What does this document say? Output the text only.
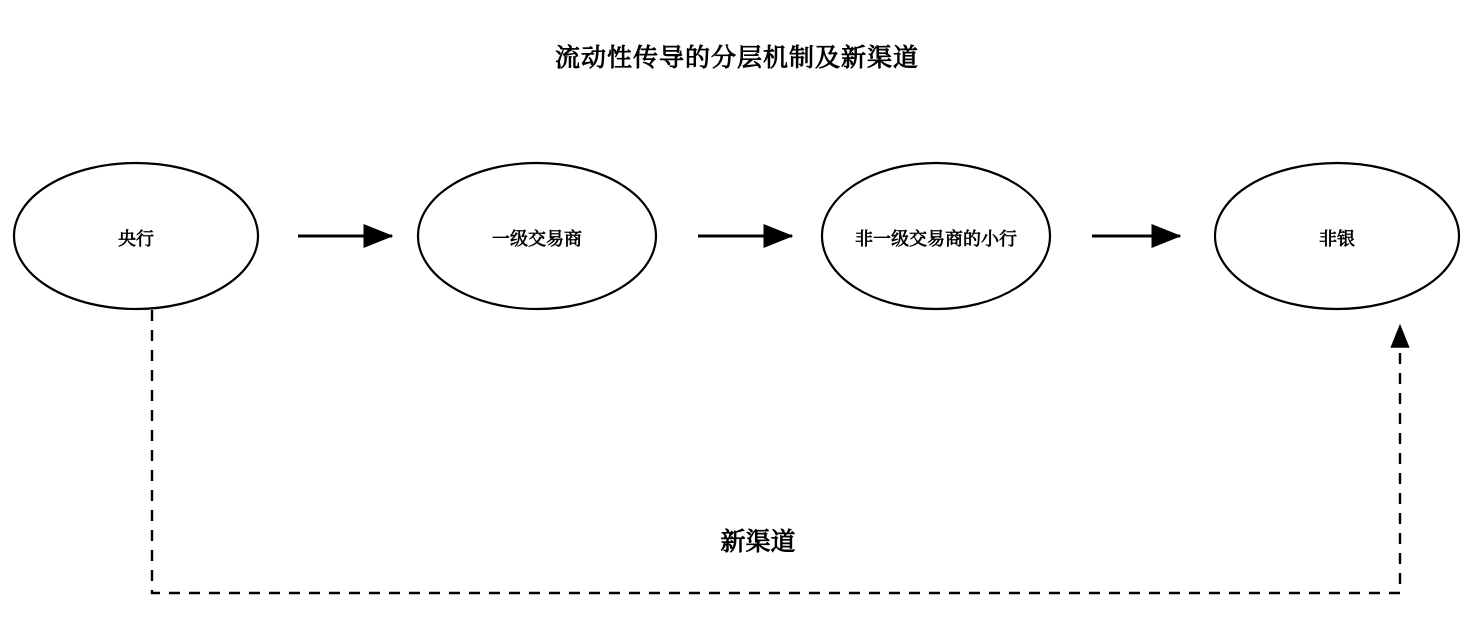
流动性传导的分层机制及新渠道
央行	一级交易商	非一级交易商的小行	非银
新渠道
